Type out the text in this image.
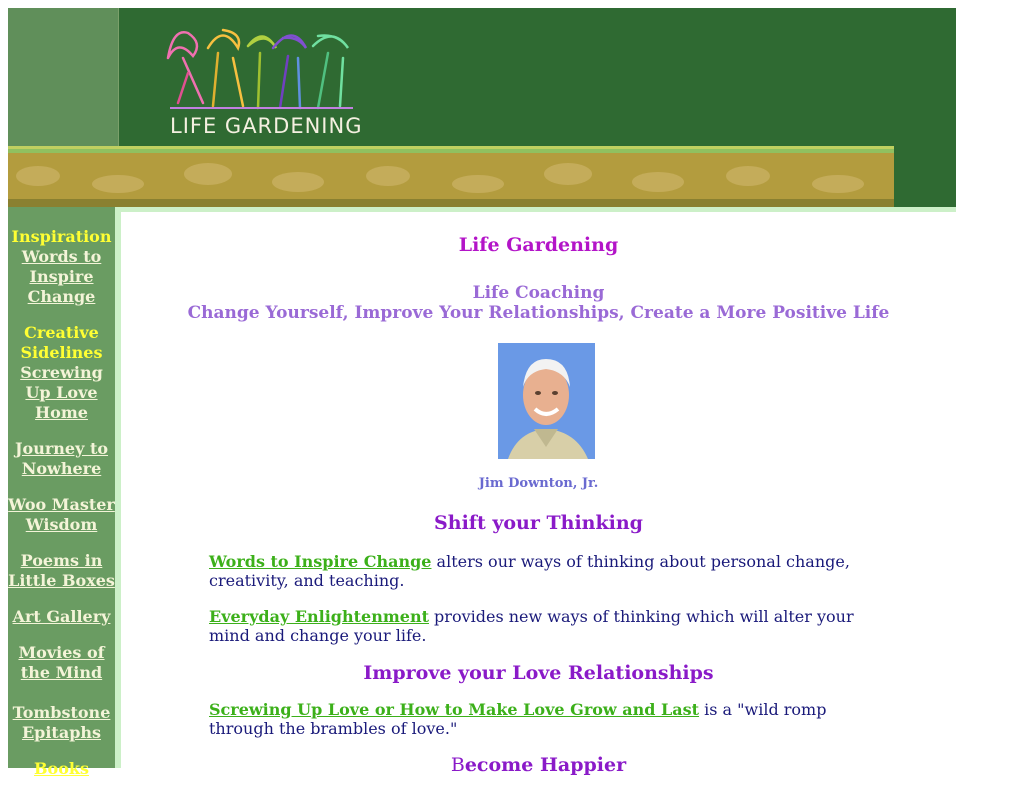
LIFE GARDENING
Inspiration
Words to Inspire Change
Creative Sidelines
Screwing Up Love Home
Journey to Nowhere
Woo Master Wisdom
Poems in Little Boxes
Art Gallery
Movies of the Mind
Tombstone Epitaphs
Books
Life Gardening
Life Coaching
Change Yourself, Improve Your Relationships, Create a More Positive Life
Jim Downton, Jr.
Shift your Thinking
Words to Inspire Change alters our ways of thinking about personal change, creativity, and teaching.
Everyday Enlightenment provides new ways of thinking which will alter your mind and change your life.
Improve your Love Relationships
Screwing Up Love or How to Make Love Grow and Last is a "wild romp through the brambles of love."
Become Happier
